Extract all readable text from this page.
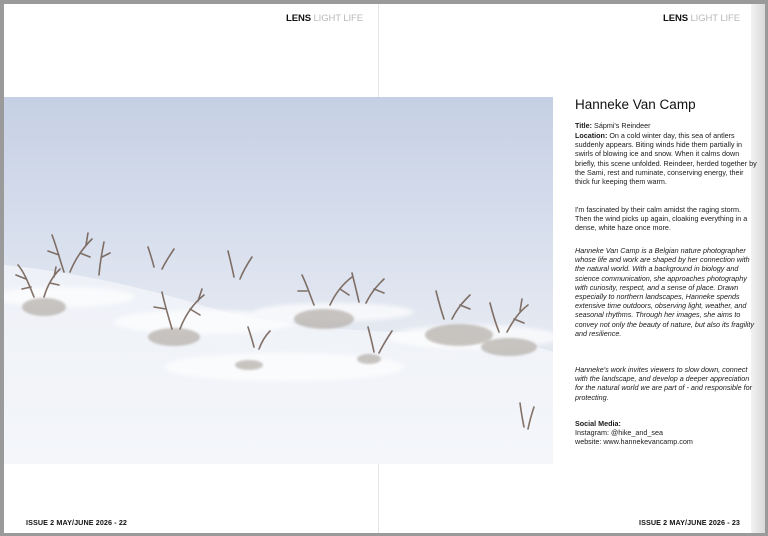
LENS LIGHT LIFE	LENS LIGHT LIFE
Hanneke Van Camp
Title: Sápmi's Reindeer
Location: On a cold winter day, this sea of antlers suddenly appears. Biting winds hide them partially in swirls of blowing ice and snow. When it calms down briefly, this scene unfolded. Reindeer, herded together by the Sami, rest and ruminate, conserving energy, their thick fur keeping them warm.
I'm fascinated by their calm amidst the raging storm. Then the wind picks up again, cloaking everything in a dense, white haze once more.
Hanneke Van Camp is a Belgian nature photographer whose life and work are shaped by her connection with the natural world. With a background in biology and science communication, she approaches photography with curiosity, respect, and a sense of place. Drawn especially to northern landscapes, Hanneke spends extensive time outdoors, observing light, weather, and seasonal rhythms. Through her images, she aims to convey not only the beauty of nature, but also its fragility and resilience.
Hanneke's work invites viewers to slow down, connect with the landscape, and develop a deeper appreciation for the natural world we are part of - and responsible for protecting.
Social Media:
Instagram: @hike_and_sea
website: www.hannekevancamp.com
ISSUE 2 MAY/JUNE 2026 - 22	ISSUE 2 MAY/JUNE 2026 - 23
